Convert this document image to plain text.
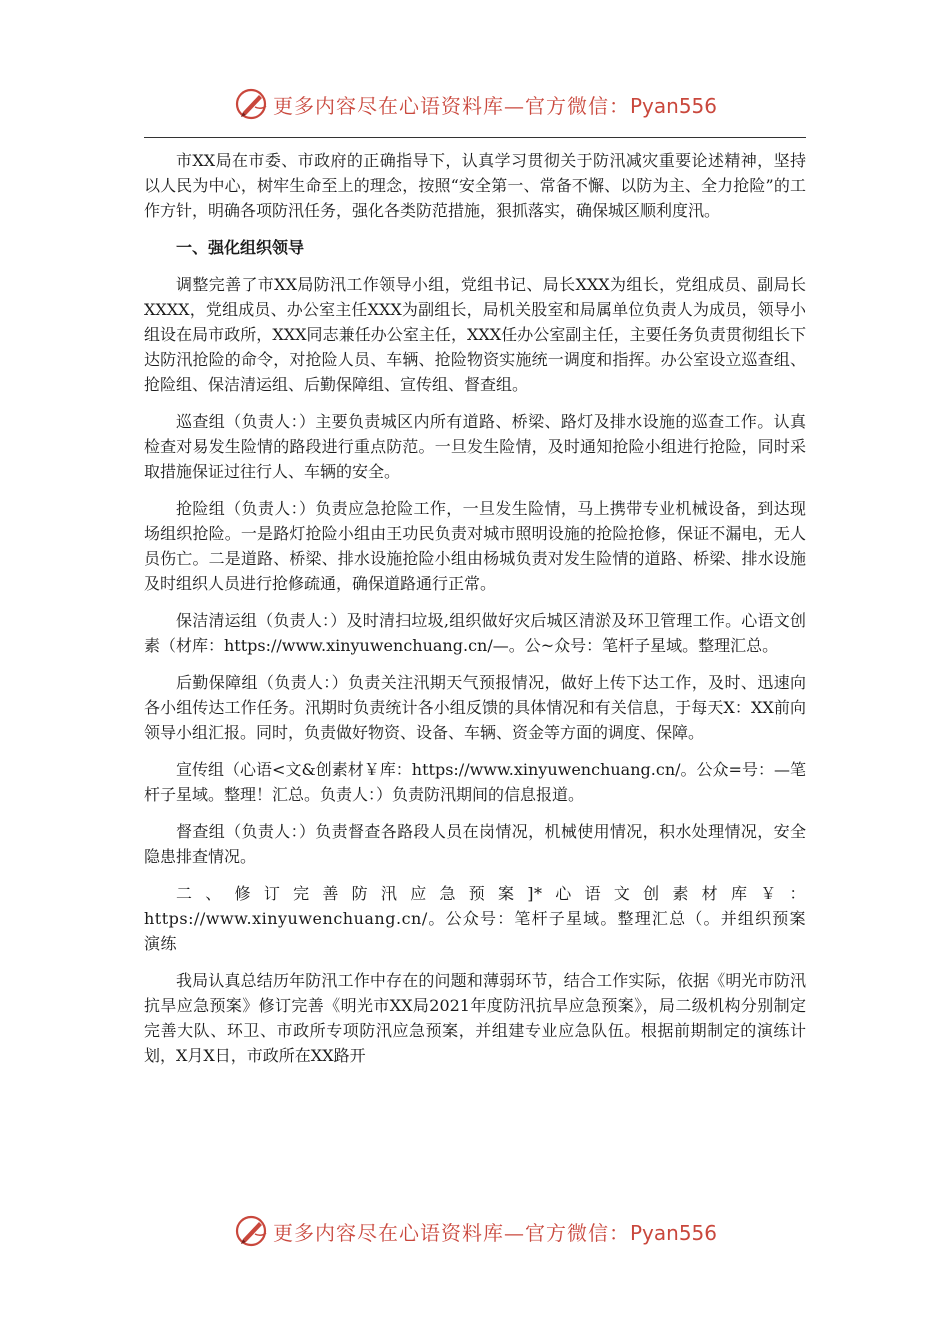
更多内容尽在心语资料库—官方微信：Pyan556

市XX局在市委、市政府的正确指导下，认真学习贯彻关于防汛减灾重要论述精神，坚持以人民为中心，树牢生命至上的理念，按照“安全第一、常备不懈、以防为主、全力抢险”的工作方针，明确各项防汛任务，强化各类防范措施，狠抓落实，确保城区顺利度汛。

一、强化组织领导

调整完善了市XX局防汛工作领导小组，党组书记、局长XXX为组长，党组成员、副局长XXXX，党组成员、办公室主任XXX为副组长，局机关股室和局属单位负责人为成员，领导小组设在局市政所，XXX同志兼任办公室主任，XXX任办公室副主任，主要任务负责贯彻组长下达防汛抢险的命令，对抢险人员、车辆、抢险物资实施统一调度和指挥。办公室设立巡查组、抢险组、保洁清运组、后勤保障组、宣传组、督查组。

巡查组（负责人：）主要负责城区内所有道路、桥梁、路灯及排水设施的巡查工作。认真检查对易发生险情的路段进行重点防范。一旦发生险情，及时通知抢险小组进行抢险，同时采取措施保证过往行人、车辆的安全。

抢险组（负责人：）负责应急抢险工作，一旦发生险情，马上携带专业机械设备，到达现场组织抢险。一是路灯抢险小组由王功民负责对城市照明设施的抢险抢修，保证不漏电，无人员伤亡。二是道路、桥梁、排水设施抢险小组由杨城负责对发生险情的道路、桥梁、排水设施及时组织人员进行抢修疏通，确保道路通行正常。

保洁清运组（负责人：）及时清扫垃圾,组织做好灾后城区清淤及环卫管理工作。心语文创素（材库：https://www.xinyuwenchuang.cn/—。公~众号：笔杆子星域。整理汇总。

后勤保障组（负责人：）负责关注汛期天气预报情况，做好上传下达工作，及时、迅速向各小组传达工作任务。汛期时负责统计各小组反馈的具体情况和有关信息，于每天X：XX前向领导小组汇报。同时，负责做好物资、设备、车辆、资金等方面的调度、保障。

宣传组（心语<文&创素材￥库：https://www.xinyuwenchuang.cn/。公众=号：—笔杆子星域。整理！汇总。负责人：）负责防汛期间的信息报道。

督查组（负责人：）负责督查各路段人员在岗情况，机械使用情况，积水处理情况，安全隐患排查情况。

二、修订完善防汛应急预案]*心语文创素材库￥：https://www.xinyuwenchuang.cn/。公众号：笔杆子星域。整理汇总（。并组织预案演练

我局认真总结历年防汛工作中存在的问题和薄弱环节，结合工作实际，依据《明光市防汛抗旱应急预案》修订完善《明光市XX局2021年度防汛抗旱应急预案》，局二级机构分别制定完善大队、环卫、市政所专项防汛应急预案，并组建专业应急队伍。根据前期制定的演练计划，X月X日，市政所在XX路开

更多内容尽在心语资料库—官方微信：Pyan556
